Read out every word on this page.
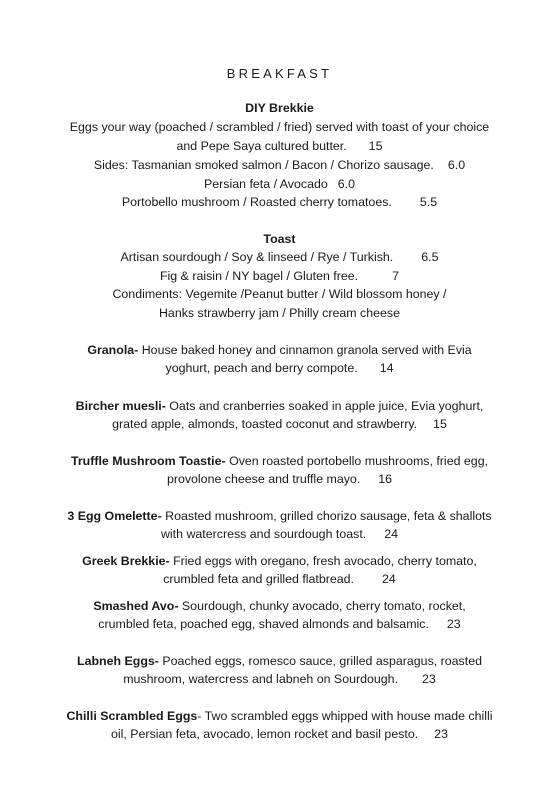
BREAKFAST
DIY Brekkie
Eggs your way (poached / scrambled / fried) served with toast of your choice
and Pepe Saya cultured butter. 15
Sides: Tasmanian smoked salmon / Bacon / Chorizo sausage. 6.0
Persian feta / Avocado 6.0
Portobello mushroom / Roasted cherry tomatoes. 5.5
Toast
Artisan sourdough / Soy & linseed / Rye / Turkish. 6.5
Fig & raisin / NY bagel / Gluten free.	7
Condiments: Vegemite /Peanut butter / Wild blossom honey /
Hanks strawberry jam / Philly cream cheese
Granola- House baked honey and cinnamon granola served with Evia
yoghurt, peach and berry compote. 14
Bircher muesli- Oats and cranberries soaked in apple juice, Evia yoghurt,
grated apple, almonds, toasted coconut and strawberry. 15
Truffle Mushroom Toastie- Oven roasted portobello mushrooms, fried egg,
provolone cheese and truffle mayo. 16
3 Egg Omelette- Roasted mushroom, grilled chorizo sausage, feta & shallots
with watercress and sourdough toast. 24
Greek Brekkie- Fried eggs with oregano, fresh avocado, cherry tomato,
crumbled feta and grilled flatbread. 24
Smashed Avo- Sourdough, chunky avocado, cherry tomato, rocket,
crumbled feta, poached egg, shaved almonds and balsamic. 23
Labneh Eggs- Poached eggs, romesco sauce, grilled asparagus, roasted
mushroom, watercress and labneh on Sourdough. 23
Chilli Scrambled Eggs- Two scrambled eggs whipped with house made chilli
oil, Persian feta, avocado, lemon rocket and basil pesto. 23
